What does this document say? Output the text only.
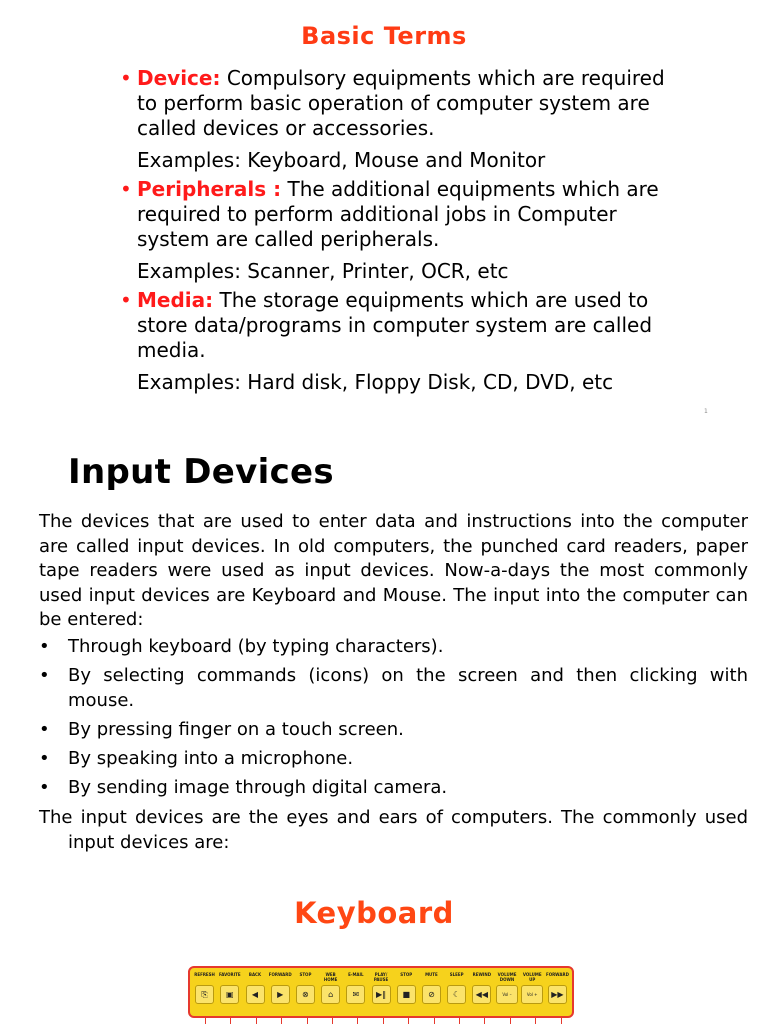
Basic Terms
• Device: Compulsory equipments which are required to perform basic operation of computer system are called devices or accessories.
Examples: Keyboard, Mouse and Monitor
• Peripherals : The additional equipments which are required to perform additional jobs in Computer system are called peripherals.
Examples: Scanner, Printer, OCR, etc
• Media: The storage equipments which are used to store data/programs in computer system are called media.
Examples: Hard disk, Floppy Disk, CD, DVD, etc
1
Input Devices
The devices that are used to enter data and instructions into the computer are called input devices. In old computers, the punched card readers, paper tape readers were used as input devices. Now-a-days the most commonly used input devices are Keyboard and Mouse. The input into the computer can be entered:
• Through keyboard (by typing characters).
• By selecting commands (icons) on the screen and then clicking with mouse.
• By pressing finger on a touch screen.
• By speaking into a microphone.
• By sending image through digital camera.
The input devices are the eyes and ears of computers. The commonly used input devices are:
Keyboard
REFRESH
⎘
FAVORITE
▣
BACK
◀
FORWARD
▶
STOP
⊗
WEB HOME
⌂
E-MAIL
✉
PLAY/ PAUSE
▶‖
STOP
■
MUTE
⊘
SLEEP
☾
REWIND
◀◀
VOLUME DOWN
Vol –
VOLUME UP
Vol +
FORWARD
▶▶
